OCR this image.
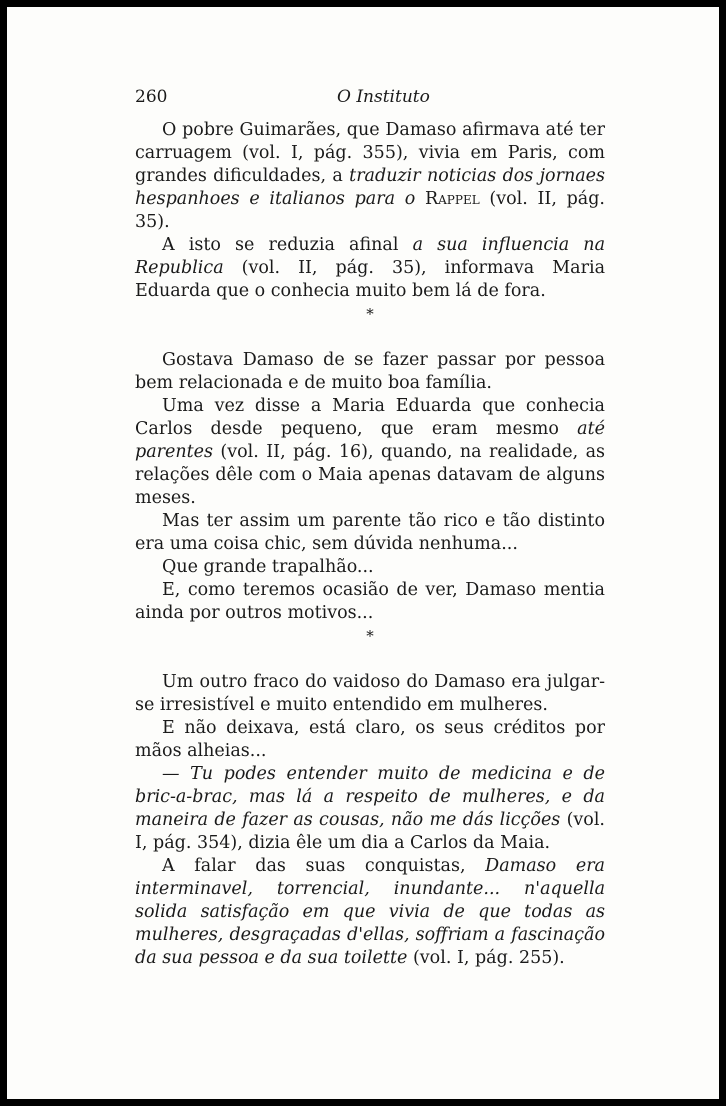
260	O Instituto

O pobre Guimarães, que Damaso afirmava até ter carruagem (vol. I, pág. 355), vivia em Paris, com grandes dificuldades, a traduzir noticias dos jornaes hespanhoes e italianos para o Rappel (vol. II, pág. 35).

A isto se reduzia afinal a sua influencia na Republica (vol. II, pág. 35), informava Maria Eduarda que o conhecia muito bem lá de fora.

*

Gostava Damaso de se fazer passar por pessoa bem relacionada e de muito boa família.

Uma vez disse a Maria Eduarda que conhecia Carlos desde pequeno, que eram mesmo até parentes (vol. II, pág. 16), quando, na realidade, as relações dêle com o Maia apenas datavam de alguns meses.

Mas ter assim um parente tão rico e tão distinto era uma coisa chic, sem dúvida nenhuma...

Que grande trapalhão...

E, como teremos ocasião de ver, Damaso mentia ainda por outros motivos...

*

Um outro fraco do vaidoso do Damaso era julgar-se irresistível e muito entendido em mulheres.

E não deixava, está claro, os seus créditos por mãos alheias...

— Tu podes entender muito de medicina e de bric-a-brac, mas lá a respeito de mulheres, e da maneira de fazer as cousas, não me dás licções (vol. I, pág. 354), dizia êle um dia a Carlos da Maia.

A falar das suas conquistas, Damaso era interminavel, torrencial, inundante... n'aquella solida satisfação em que vivia de que todas as mulheres, desgraçadas d'ellas, soffriam a fascinação da sua pessoa e da sua toilette (vol. I, pág. 255).
